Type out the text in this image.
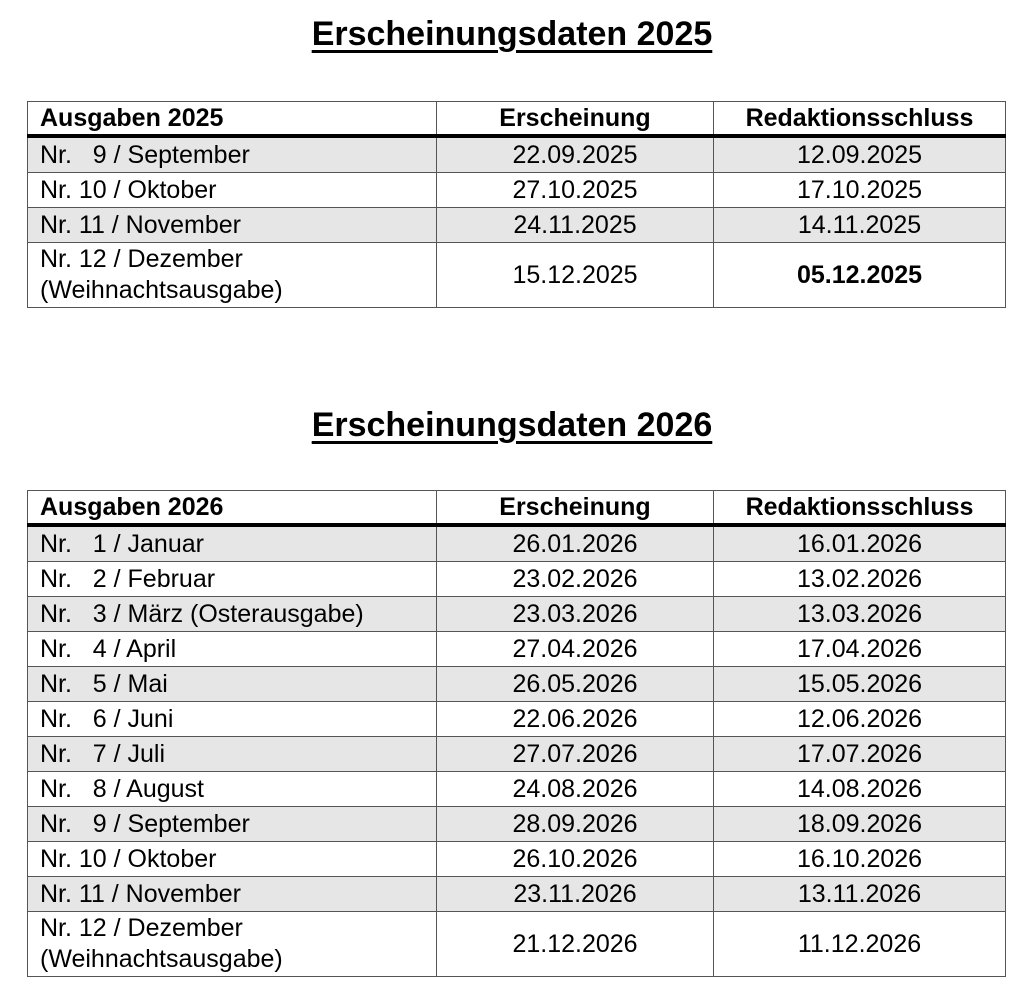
Erscheinungsdaten 2025
Ausgaben 2025	Erscheinung	Redaktionsschluss
Nr.   9 / September	22.09.2025	12.09.2025
Nr. 10 / Oktober	27.10.2025	17.10.2025
Nr. 11 / November	24.11.2025	14.11.2025
Nr. 12 / Dezember
(Weihnachtsausgabe)	15.12.2025	05.12.2025
Erscheinungsdaten 2026
Ausgaben 2026	Erscheinung	Redaktionsschluss
Nr.   1 / Januar	26.01.2026	16.01.2026
Nr.   2 / Februar	23.02.2026	13.02.2026
Nr.   3 / März (Osterausgabe)	23.03.2026	13.03.2026
Nr.   4 / April	27.04.2026	17.04.2026
Nr.   5 / Mai	26.05.2026	15.05.2026
Nr.   6 / Juni	22.06.2026	12.06.2026
Nr.   7 / Juli	27.07.2026	17.07.2026
Nr.   8 / August	24.08.2026	14.08.2026
Nr.   9 / September	28.09.2026	18.09.2026
Nr. 10 / Oktober	26.10.2026	16.10.2026
Nr. 11 / November	23.11.2026	13.11.2026
Nr. 12 / Dezember
(Weihnachtsausgabe)	21.12.2026	11.12.2026
